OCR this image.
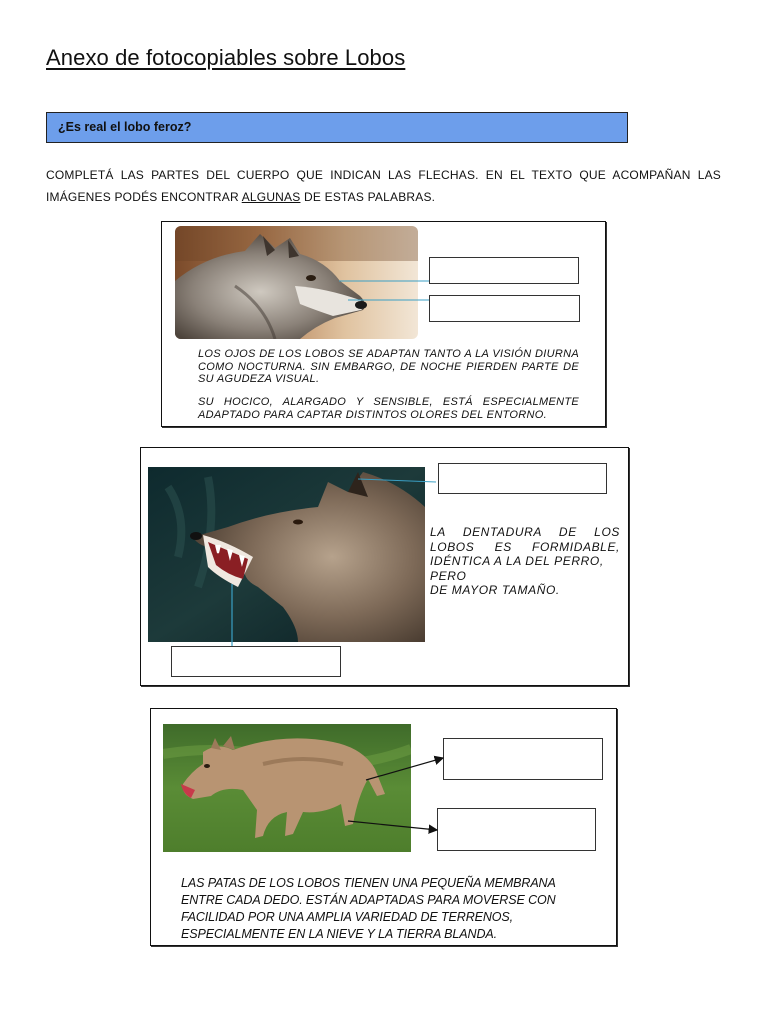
Anexo de fotocopiables sobre Lobos
¿Es real el lobo feroz?
COMPLETÁ LAS PARTES DEL CUERPO QUE INDICAN LAS FLECHAS. EN EL TEXTO QUE ACOMPAÑAN LAS IMÁGENES PODÉS ENCONTRAR ALGUNAS DE ESTAS PALABRAS.
LOS OJOS DE LOS LOBOS SE ADAPTAN TANTO A LA VISIÓN DIURNA COMO NOCTURNA. SIN EMBARGO, DE NOCHE PIERDEN PARTE DE SU AGUDEZA VISUAL.
SU HOCICO, ALARGADO Y SENSIBLE, ESTÁ ESPECIALMENTE ADAPTADO PARA CAPTAR DISTINTOS OLORES DEL ENTORNO.
LA DENTADURA DE LOS
LOBOS ES FORMIDABLE,
IDÉNTICA A LA DEL PERRO,
PERO
DE MAYOR TAMAÑO.
LAS PATAS DE LOS LOBOS TIENEN UNA PEQUEÑA MEMBRANA ENTRE CADA DEDO. ESTÁN ADAPTADAS PARA MOVERSE CON FACILIDAD POR UNA AMPLIA VARIEDAD DE TERRENOS, ESPECIALMENTE EN LA NIEVE Y LA TIERRA BLANDA.
